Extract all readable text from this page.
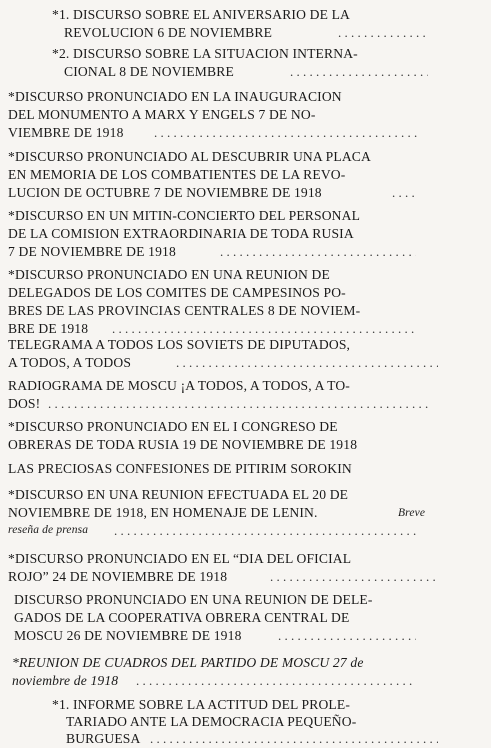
*1. DISCURSO SOBRE EL ANIVERSARIO DE LA
REVOLUCION 6 DE NOVIEMBRE
. . .
*2. DISCURSO SOBRE LA SITUACION INTERNA-
CIONAL 8 DE NOVIEMBRE
. . .
*DISCURSO PRONUNCIADO EN LA INAUGURACION
DEL MONUMENTO A MARX Y ENGELS 7 DE NO-
VIEMBRE DE 1918
. . .
*DISCURSO PRONUNCIADO AL DESCUBRIR UNA PLACA
EN MEMORIA DE LOS COMBATIENTES DE LA REVO-
LUCION DE OCTUBRE 7 DE NOVIEMBRE DE 1918
. . .
*DISCURSO EN UN MITIN-CONCIERTO DEL PERSONAL
DE LA COMISION EXTRAORDINARIA DE TODA RUSIA
7 DE NOVIEMBRE DE 1918
. . .
*DISCURSO PRONUNCIADO EN UNA REUNION DE
DELEGADOS DE LOS COMITES DE CAMPESINOS PO-
BRES DE LAS PROVINCIAS CENTRALES 8 DE NOVIEM-
BRE DE 1918
. . .
TELEGRAMA A TODOS LOS SOVIETS DE DIPUTADOS,
A TODOS, A TODOS
. . .
RADIOGRAMA DE MOSCU ¡A TODOS, A TODOS, A TO-
DOS!
. . .
*DISCURSO PRONUNCIADO EN EL I CONGRESO DE
OBRERAS DE TODA RUSIA 19 DE NOVIEMBRE DE 1918
LAS PRECIOSAS CONFESIONES DE PITIRIM SOROKIN
*DISCURSO EN UNA REUNION EFECTUADA EL 20 DE
NOVIEMBRE DE 1918, EN HOMENAJE DE LENIN.	Breve
reseña de prensa
. . .
*DISCURSO PRONUNCIADO EN EL “DIA DEL OFICIAL
ROJO” 24 DE NOVIEMBRE DE 1918
. . .
DISCURSO PRONUNCIADO EN UNA REUNION DE DELE-
GADOS DE LA COOPERATIVA OBRERA CENTRAL DE
MOSCU 26 DE NOVIEMBRE DE 1918
. . .
*REUNION DE CUADROS DEL PARTIDO DE MOSCU 27 de
noviembre de 1918
. . .
*1. INFORME SOBRE LA ACTITUD DEL PROLE-
TARIADO ANTE LA DEMOCRACIA PEQUEÑO-
BURGUESA
. . .
